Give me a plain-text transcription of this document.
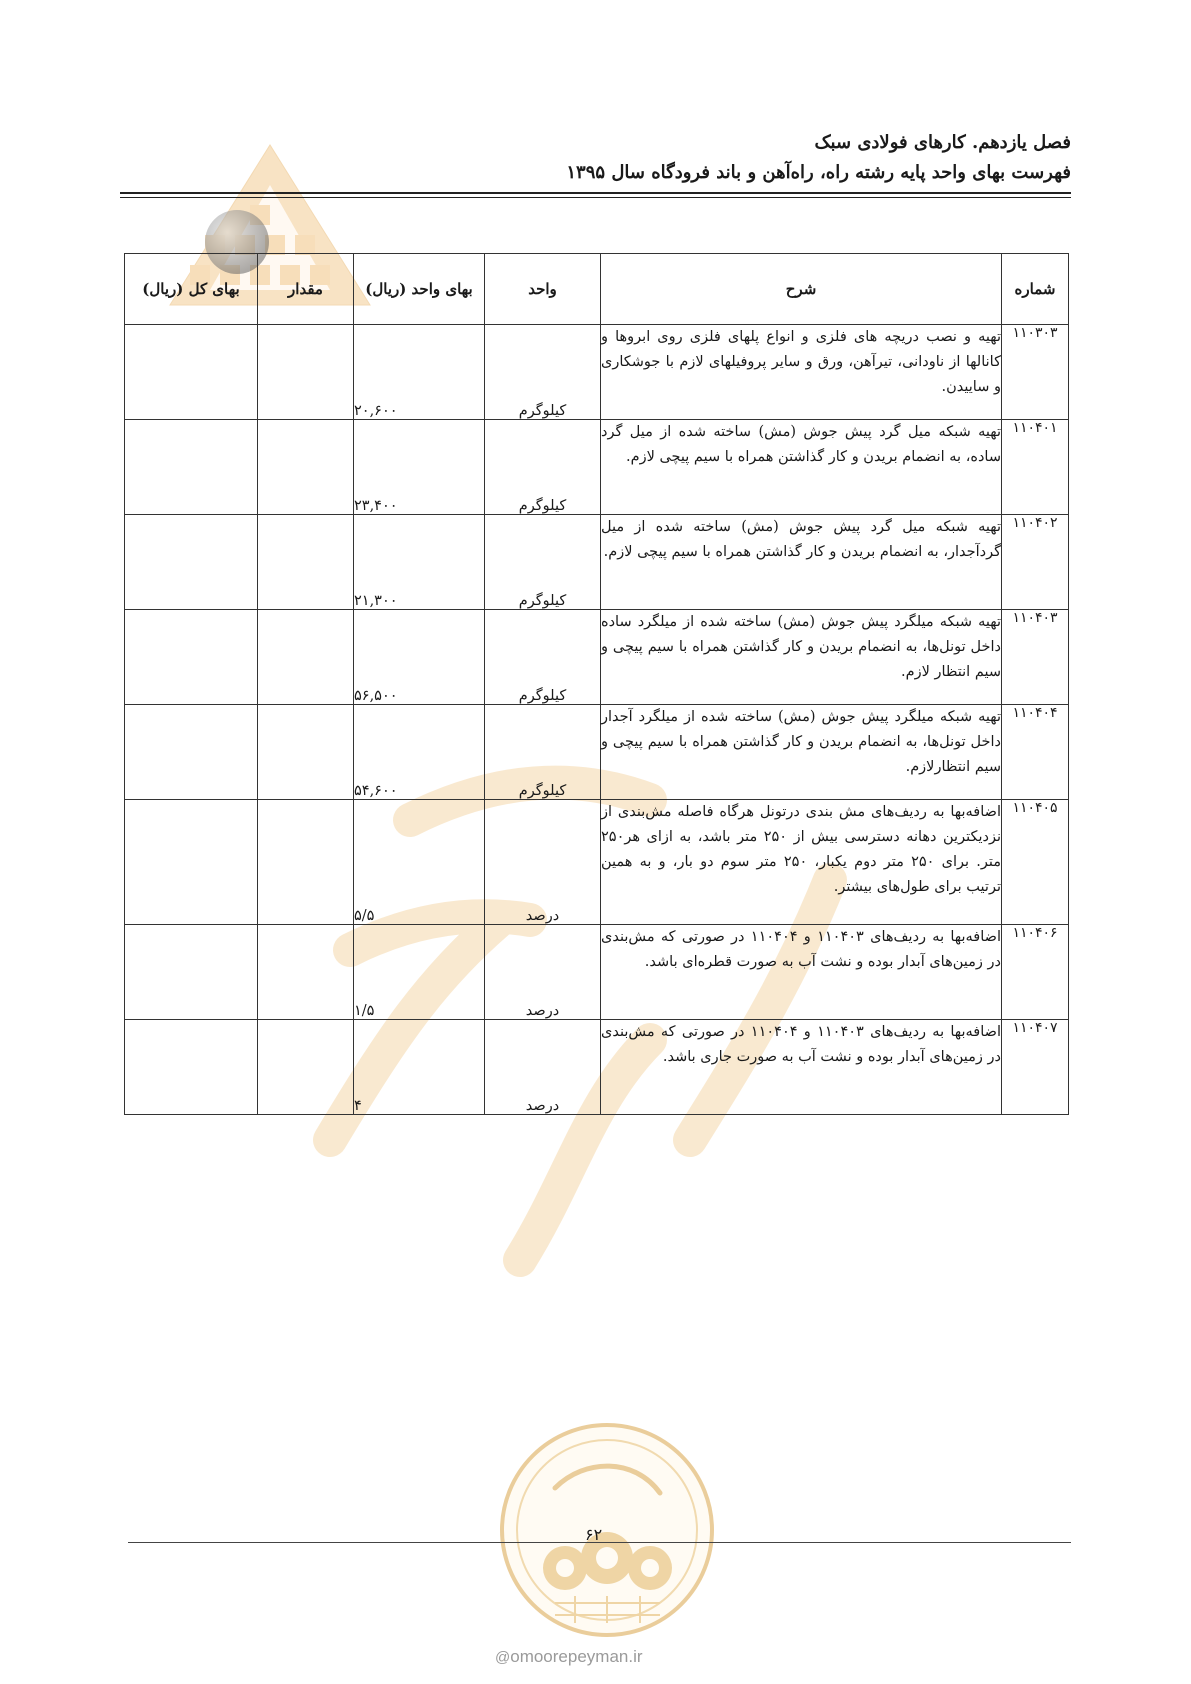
فصل یازدهم. کارهای فولادی سبک
فهرست بهای واحد پایه رشته راه، راه‌آهن و باند فرودگاه سال ۱۳۹۵
شماره	شرح	واحد	بهای واحد (ریال)	مقدار	بهای کل (ریال)
۱۱۰۳۰۳	تهیه و نصب دریچه های فلزی و انواع پلهای فلزی روی ابروها و کانالها از ناودانی، تیرآهن، ورق و سایر پروفیلهای لازم با جوشکاری و ساییدن.	کیلوگرم	۲۰,۶۰۰		
۱۱۰۴۰۱	تهیه شبکه میل گرد پیش جوش (مش) ساخته شده از میل گرد ساده، به انضمام بریدن و کار گذاشتن همراه با سیم پیچی لازم.	کیلوگرم	۲۳,۴۰۰		
۱۱۰۴۰۲	تهیه شبکه میل گرد پیش جوش (مش) ساخته شده از میل گردآجدار، به انضمام بریدن و کار گذاشتن همراه با سیم پیچی لازم.	کیلوگرم	۲۱,۳۰۰		
۱۱۰۴۰۳	تهیه شبکه میلگرد پیش جوش (مش) ساخته شده از میلگرد ساده داخل تونل‌ها، به انضمام بریدن و کار گذاشتن همراه با سیم پیچی و سیم انتظار لازم.	کیلوگرم	۵۶,۵۰۰		
۱۱۰۴۰۴	تهیه شبکه میلگرد پیش جوش (مش) ساخته شده از میلگرد آجدار داخل تونل‌ها، به انضمام بریدن و کار گذاشتن همراه با سیم پیچی و سیم انتظارلازم.	کیلوگرم	۵۴,۶۰۰		
۱۱۰۴۰۵	اضافه‌بها به ردیف‌های مش بندی درتونل هرگاه فاصله مش‌بندی از نزدیکترین دهانه دسترسی بیش از ۲۵۰ متر باشد، به ازای هر۲۵۰ متر. برای ۲۵۰ متر دوم یکبار، ۲۵۰ متر سوم دو بار، و به همین ترتیب برای طول‌های بیشتر.	درصد	۵/۵		
۱۱۰۴۰۶	اضافه‌بها به ردیف‌های ۱۱۰۴۰۳ و ۱۱۰۴۰۴ در صورتی که مش‌بندی در زمین‌های آبدار بوده و نشت آب به صورت قطره‌ای باشد.	درصد	۱/۵		
۱۱۰۴۰۷	اضافه‌بها به ردیف‌های ۱۱۰۴۰۳ و ۱۱۰۴۰۴ در صورتی که مش‌بندی در زمین‌های آبدار بوده و نشت آب به صورت جاری باشد.	درصد	۴		
۶۲
@omoorepeyman.ir
